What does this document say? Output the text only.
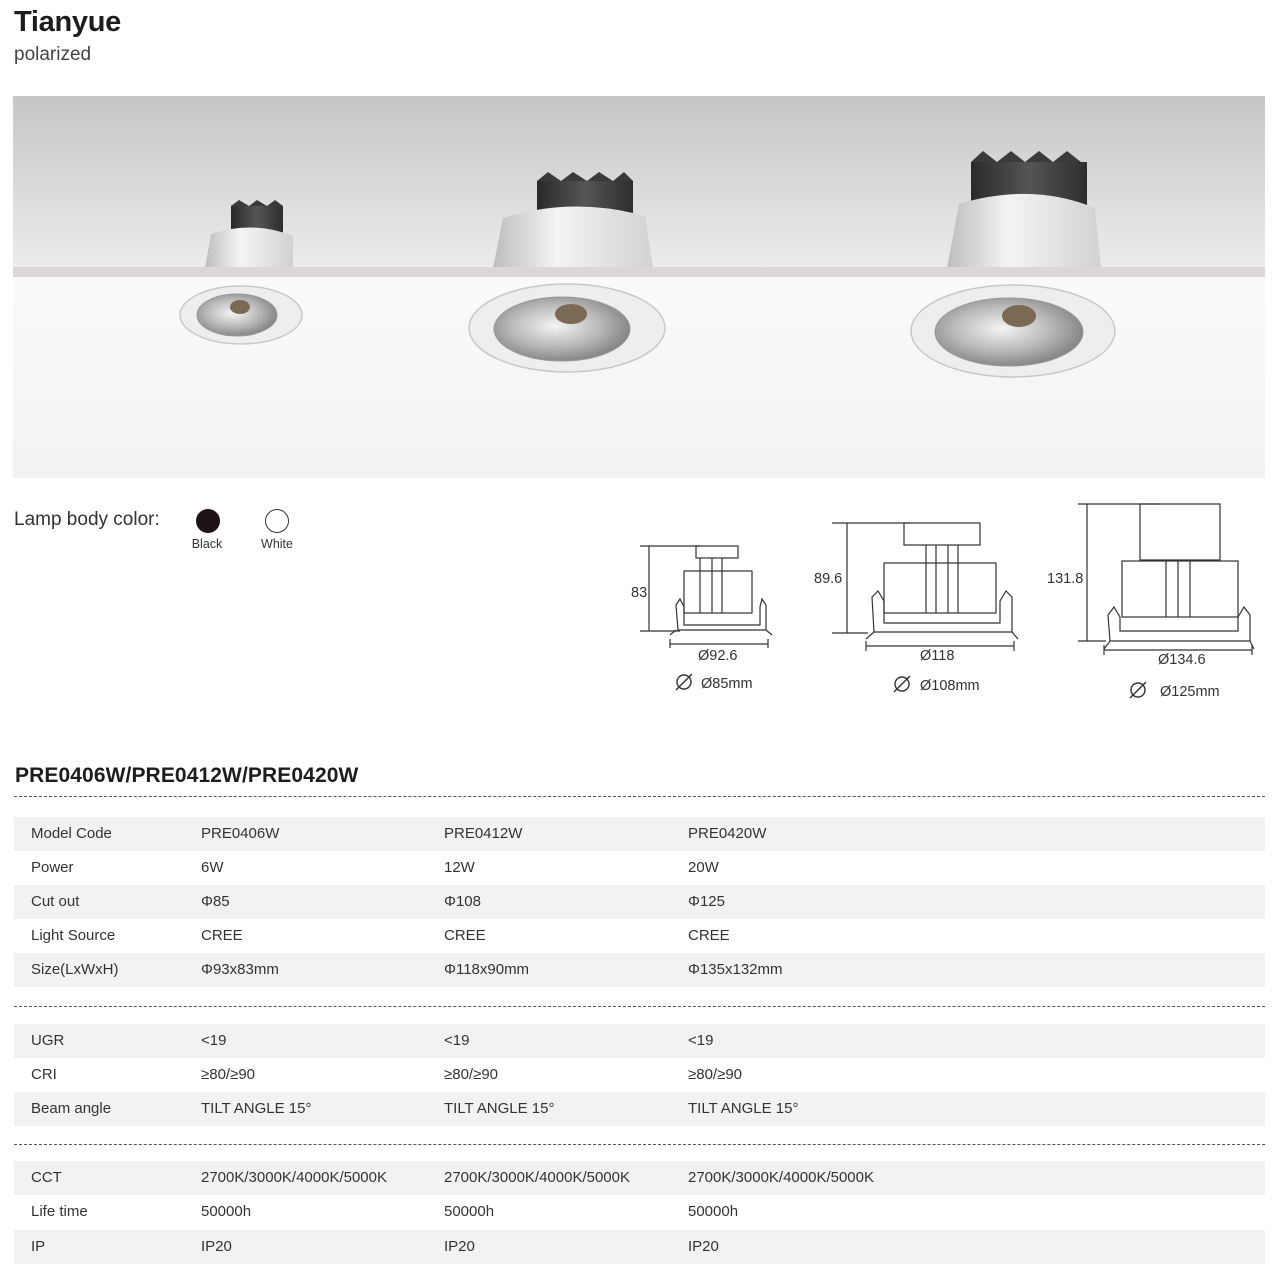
Tianyue
polarized
Lamp body color:
Black	White
83
Ø92.6
Ø85mm
89.6
Ø118
Ø108mm
131.8
Ø134.6
Ø125mm
PRE0406W/PRE0412W/PRE0420W
Model Code	PRE0406W	PRE0412W	PRE0420W
Power	6W	12W	20W
Cut out	Φ85	Φ108	Φ125
Light Source	CREE	CREE	CREE
Size(LxWxH)	Φ93x83mm	Φ118x90mm	Φ135x132mm
UGR	<19	<19	<19
CRI	≥80/≥90	≥80/≥90	≥80/≥90
Beam angle	TILT ANGLE 15°	TILT ANGLE 15°	TILT ANGLE 15°
CCT	2700K/3000K/4000K/5000K	2700K/3000K/4000K/5000K	2700K/3000K/4000K/5000K
Life time	50000h	50000h	50000h
IP	IP20	IP20	IP20
